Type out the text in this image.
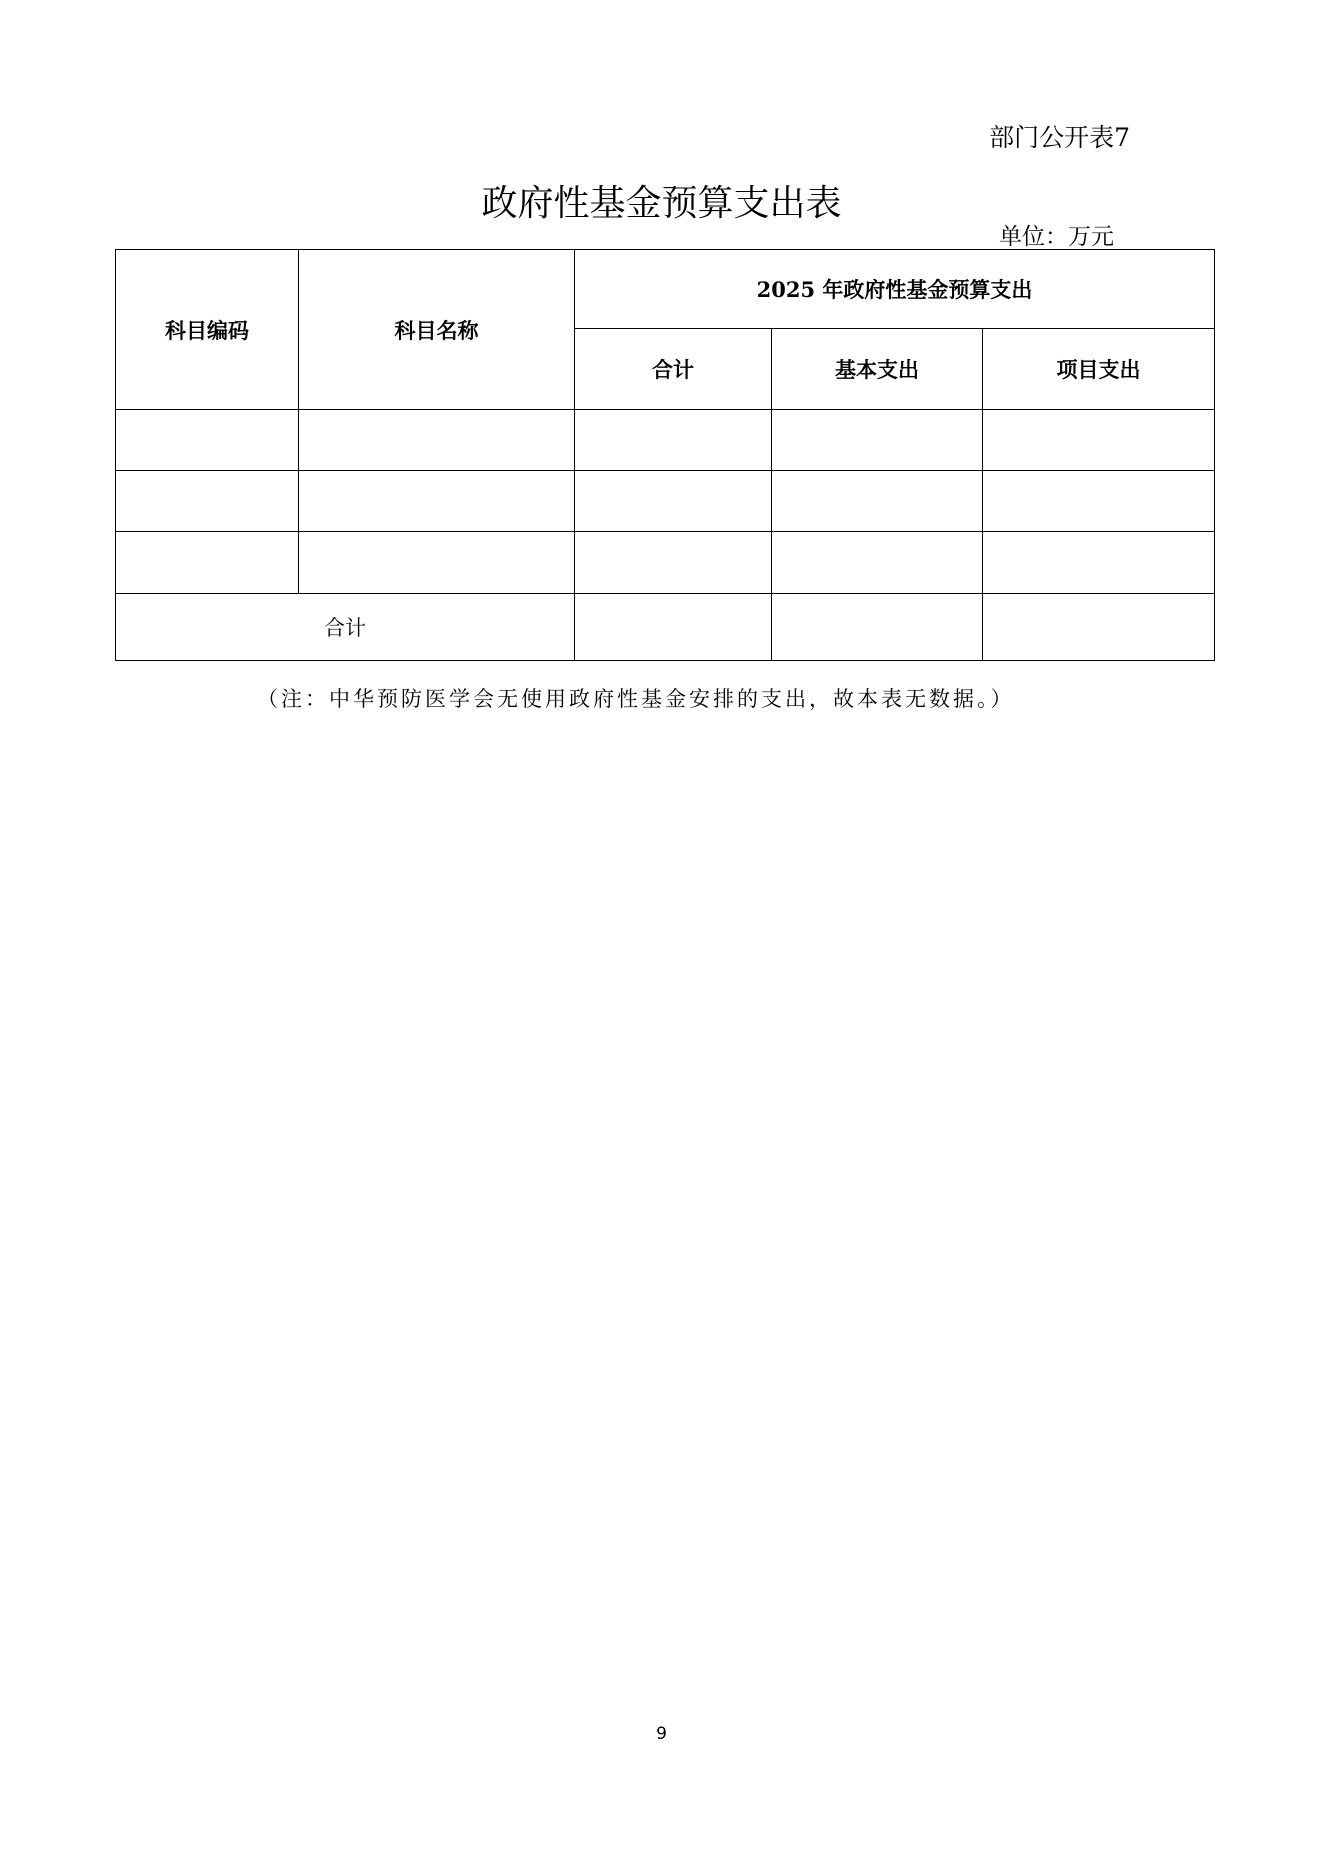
部门公开表7
政府性基金预算支出表
单位：万元
科目编码	科目名称	2025 年政府性基金预算支出		
		合计	基本支出	项目支出

合计				
（注：中华预防医学会无使用政府性基金安排的支出，故本表无数据。）
9
